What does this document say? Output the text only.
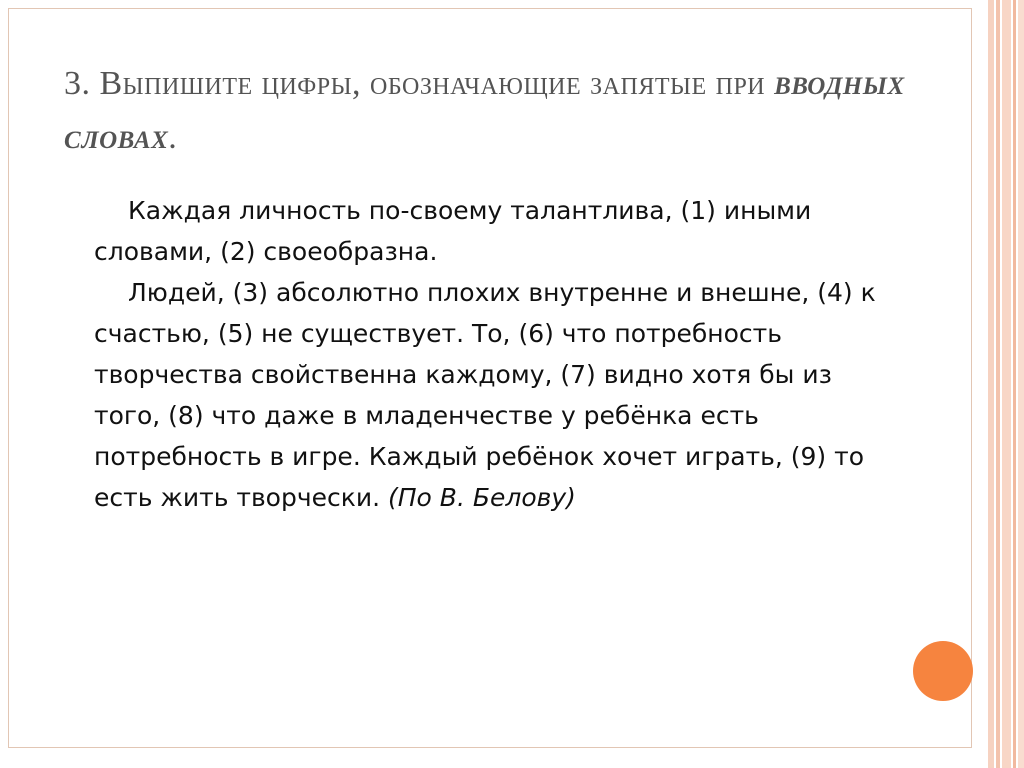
3. Выпишите цифры, обозначающие запятые при вводных словах.

Каждая личность по-своему талантлива, (1) иными словами, (2) своеобразна.

Людей, (3) абсолютно плохих внутренне и внешне, (4) к счастью, (5) не существует. То, (6) что потребность творчества свойственна каждому, (7) видно хотя бы из того, (8) что даже в младенчестве у ребёнка есть потребность в игре. Каждый ребёнок хочет играть, (9) то есть жить творчески. (По В. Белову)
